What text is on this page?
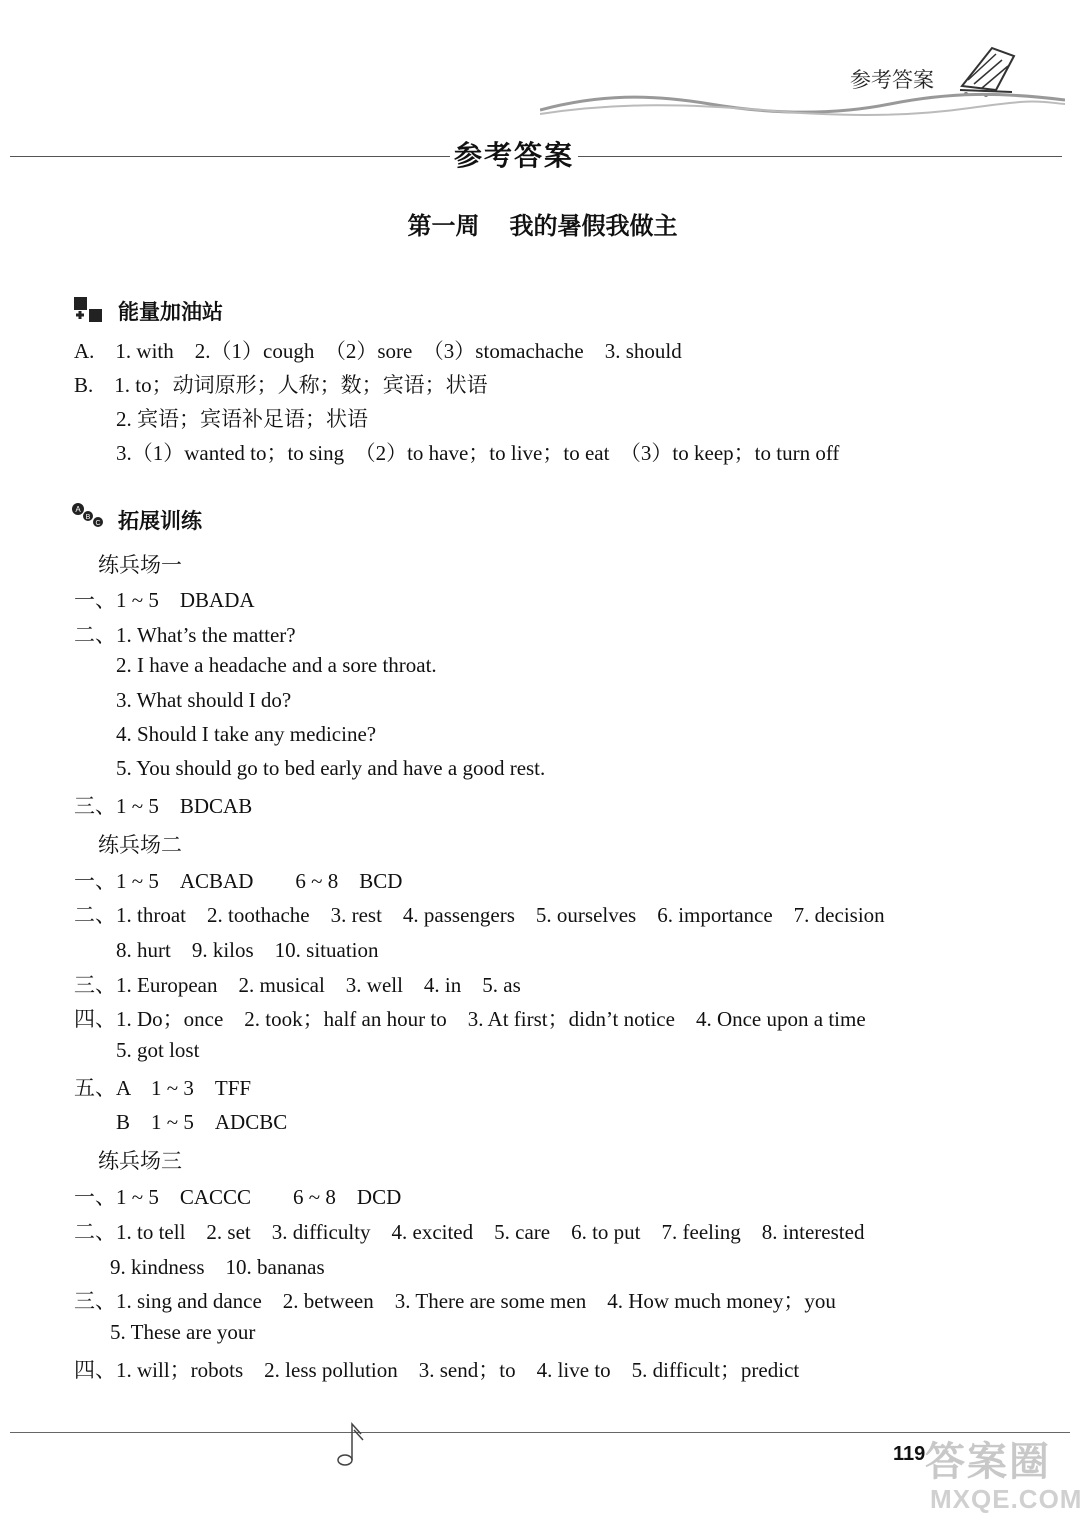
参考答案
参考答案
第一周 我的暑假我做主
能量加油站
A.　1. with　2.（1）cough　（2）sore　（3）stomachache　3. should
B.　1. to；动词原形；人称；数；宾语；状语
2. 宾语；宾语补足语；状语
3.（1）wanted to；to sing　（2）to have；to live；to eat　（3）to keep；to turn off
A
B
C 拓展训练
练兵场一
一、1 ~ 5　DBADA
二、1. What’s the matter?
2. I have a headache and a sore throat.
3. What should I do?
4. Should I take any medicine?
5. You should go to bed early and have a good rest.
三、1 ~ 5　BDCAB
练兵场二
一、1 ~ 5　ACBAD　　6 ~ 8　BCD
二、1. throat　2. toothache　3. rest　4. passengers　5. ourselves　6. importance　7. decision
8. hurt　9. kilos　10. situation
三、1. European　2. musical　3. well　4. in　5. as
四、1. Do；once　2. took；half an hour to　3. At first；didn’t notice　4. Once upon a time
5. got lost
五、A　1 ~ 3　TFF
B　1 ~ 5　ADCBC
练兵场三
一、1 ~ 5　CACCC　　6 ~ 8　DCD
二、1. to tell　2. set　3. difficulty　4. excited　5. care　6. to put　7. feeling　8. interested
9. kindness　10. bananas
三、1. sing and dance　2. between　3. There are some men　4. How much money；you
5. These are your
四、1. will；robots　2. less pollution　3. send；to　4. live to　5. difficult；predict
119 答案圈
MXQE.COM
